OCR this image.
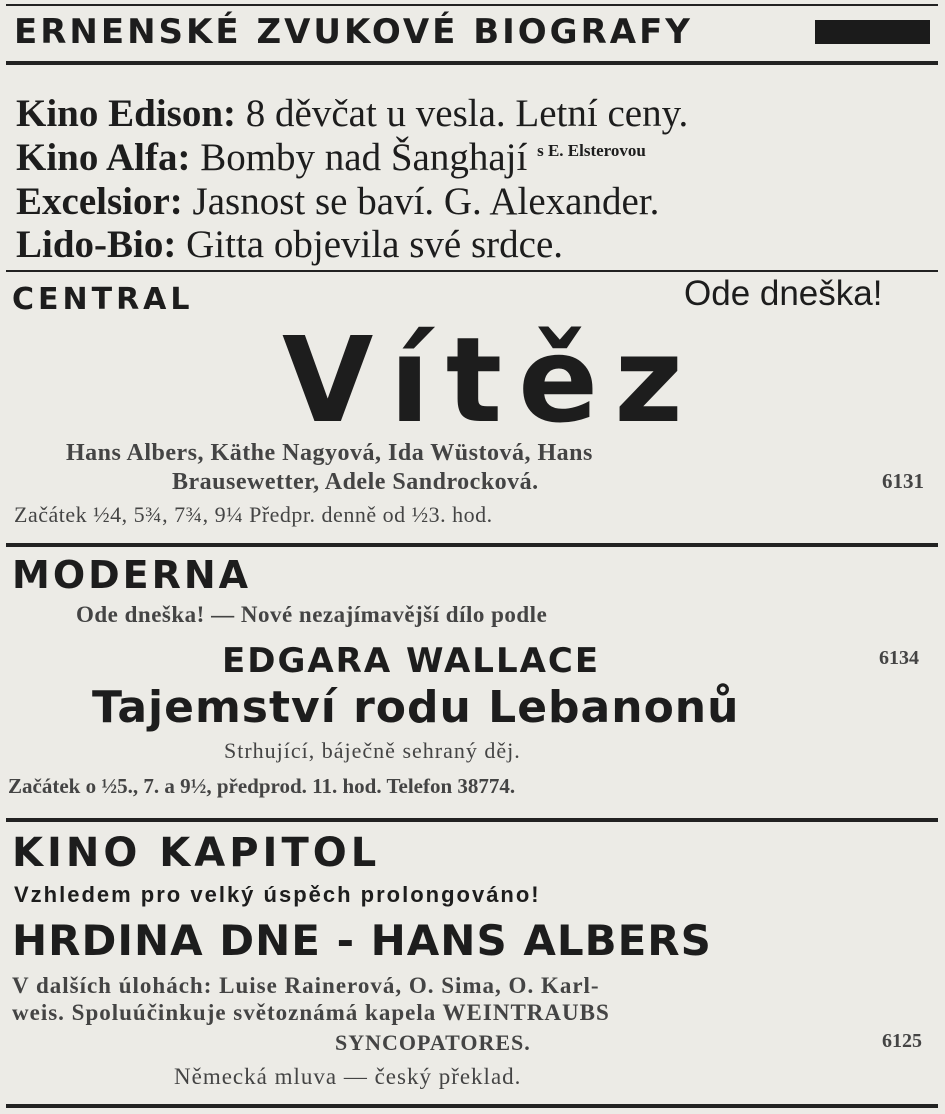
ERNENSKÉ ZVUKOVÉ BIOGRAFY
Kino Edison: 8 děvčat u vesla. Letní ceny.
Kino Alfa: Bomby nad Šanghají $^{s E. Elsterovou}$
Excelsior: Jasnost se baví. G. Alexander.
Lido-Bio: Gitta objevila své srdce.
CENTRAL	Ode dneška!
Vítěz
Hans Albers, Käthe Nagyová, Ida Wüstová, Hans
Brausewetter, Adele Sandrocková.	6131
Začátek ½4, 5¾, 7¾, 9¼ Předpr. denně od ½3. hod.
MODERNA
Ode dneška! — Nové nezajímavější dílo podle
EDGARA WALLACE	6134
Tajemství rodu Lebanonů
Strhující, báječně sehraný děj.
Začátek o ½5., 7. a 9½, předprod. 11. hod. Telefon 38774.
KINO KAPITOL
Vzhledem pro velký úspěch prolongováno!
HRDINA DNE - HANS ALBERS
V dalších úlohách: Luise Rainerová, O. Sima, O. Karl-
weis. Spoluúčinkuje světoznámá kapela WEINTRAUBS
SYNCOPATORES.	6125
Německá mluva — český překlad.
